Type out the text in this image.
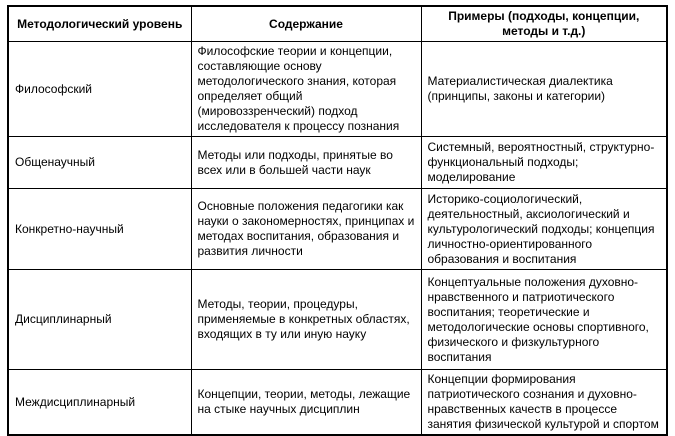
Методологический уровень	Содержание	Примеры (подходы, концепции, методы и т.д.)
Философский	Философские теории и концепции, составляющие основу методологического знания, которая определяет общий (мировоззренческий) подход исследователя к процессу познания	Материалистическая диалектика (принципы, законы и категории)
Общенаучный	Методы или подходы, принятые во всех или в большей части наук	Системный, вероятностный, структурно-функциональный подходы; моделирование
Конкретно-научный	Основные положения педагогики как науки о закономерностях, принципах и методах воспитания, образования и развития личности	Историко-социологический, деятельностный, аксиологический и культурологический подходы; концепция личностно-ориентированного образования и воспитания
Дисциплинарный	Методы, теории, процедуры, применяемые в конкретных областях, входящих в ту или иную науку	Концептуальные положения духовно-нравственного и патриотического воспитания; теоретические и методологические основы спортивного, физического и физкультурного воспитания
Междисциплинарный	Концепции, теории, методы, лежащие на стыке научных дисциплин	Концепции формирования патриотического сознания и духовно-нравственных качеств в процессе занятия физической культурой и спортом
